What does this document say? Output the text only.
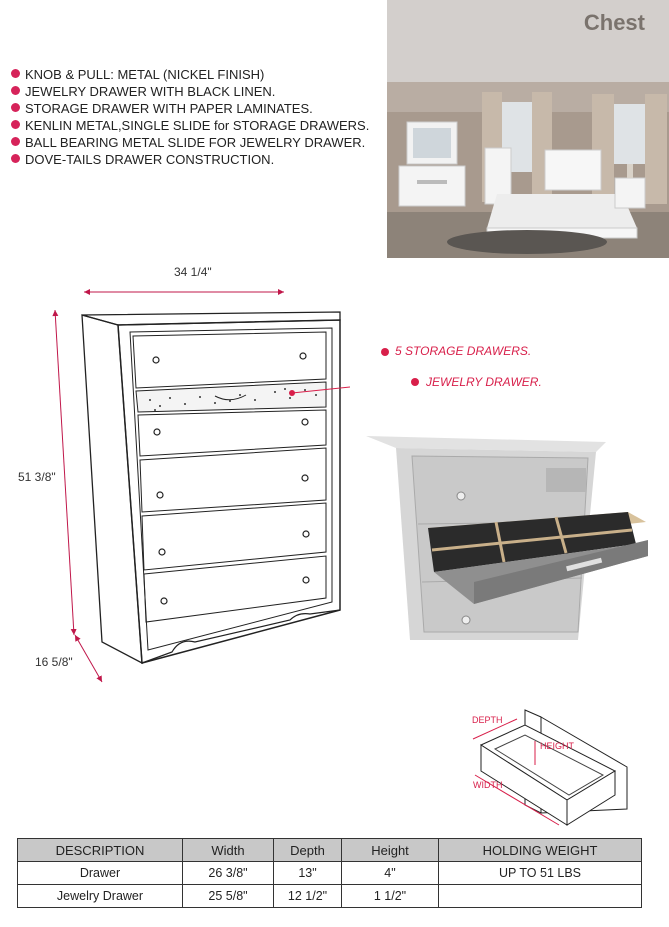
Chest
KNOB & PULL: METAL (NICKEL FINISH)
JEWELRY DRAWER WITH BLACK LINEN.
STORAGE DRAWER WITH PAPER LAMINATES.
KENLIN METAL,SINGLE SLIDE for STORAGE DRAWERS.
BALL BEARING METAL SLIDE FOR JEWELRY DRAWER.
DOVE-TAILS DRAWER CONSTRUCTION.
34 1/4"
51 3/8"
16 5/8"
5 STORAGE DRAWERS.
JEWELRY DRAWER.
DEPTH
HEIGHT
WIDTH
DESCRIPTION	Width	Depth	Height	HOLDING WEIGHT
Drawer	26 3/8"	13"	4"	UP TO 51 LBS
Jewelry Drawer	25 5/8"	12 1/2"	1 1/2"	
